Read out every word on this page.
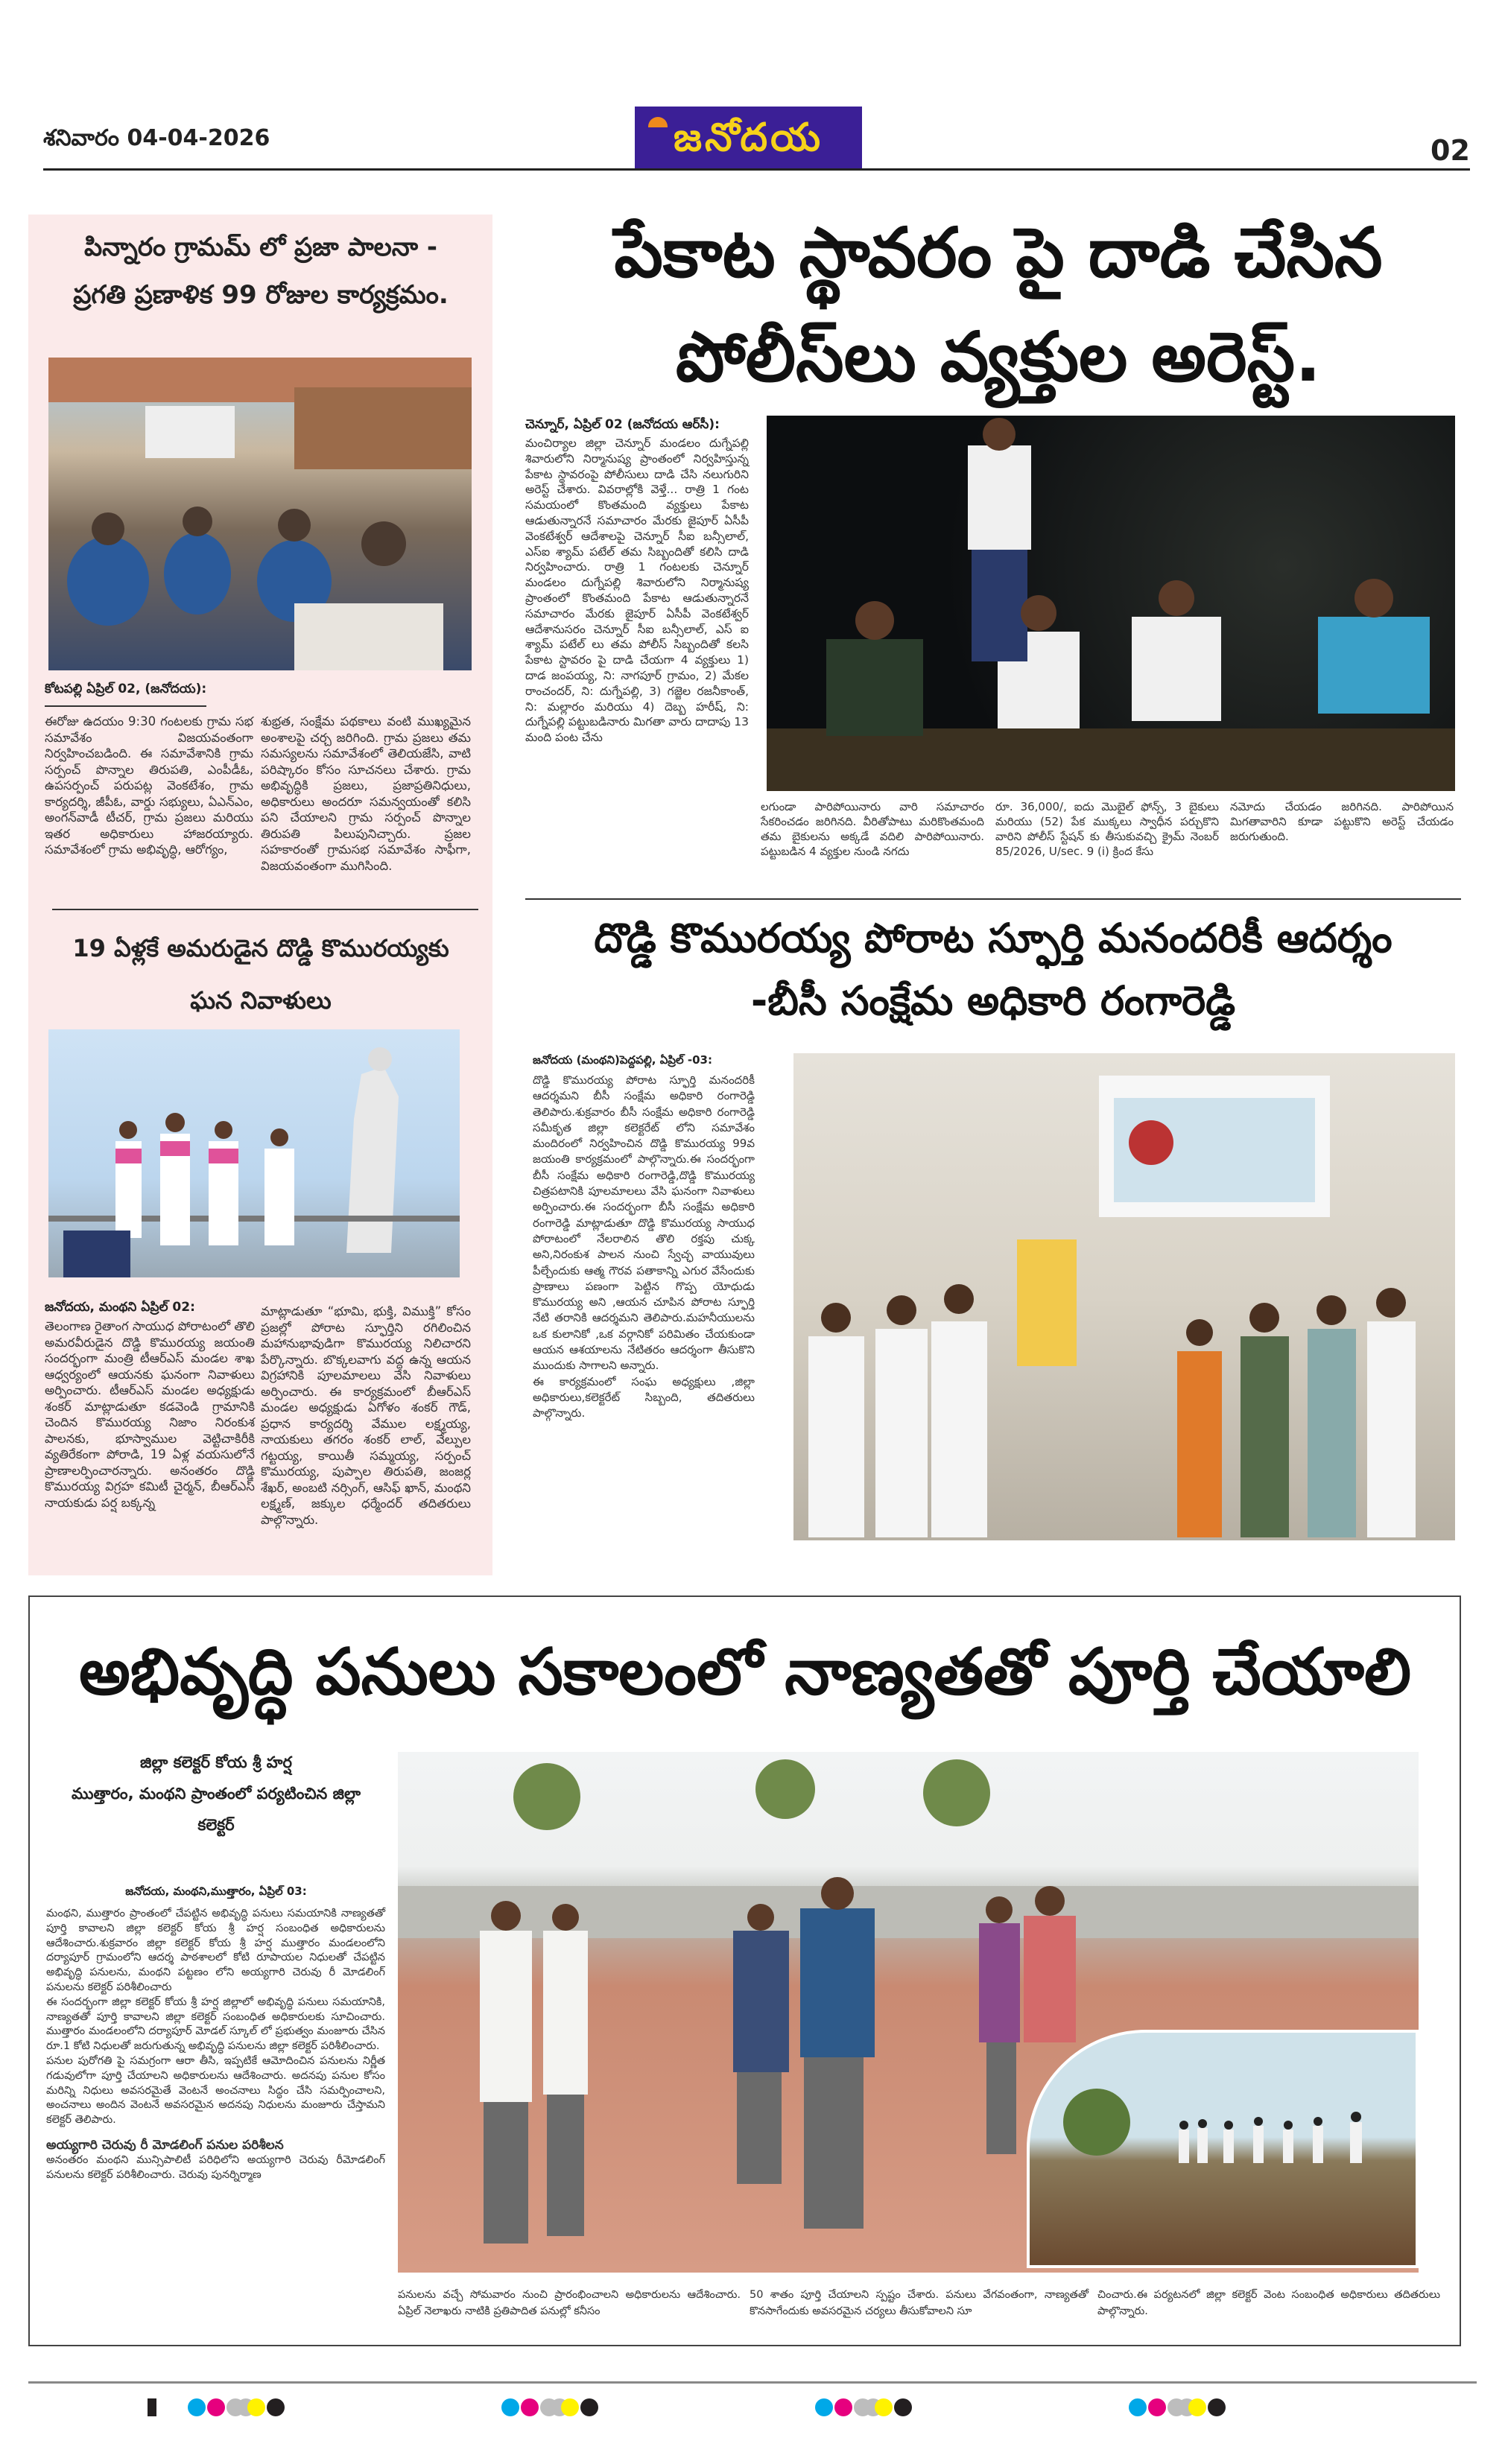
శనివారం 04-04-2026	జనోదయ	02
పిన్నారం గ్రామమ్ లో ప్రజా పాలనా -
ప్రగతి ప్రణాళిక 99 రోజుల కార్యక్రమం.
కోటపల్లి ఏప్రిల్ 02, (జనోదయ):
ఈరోజు ఉదయం 9:30 గంటలకు గ్రామ సభ సమావేశం విజయవంతంగా నిర్వహించబడింది. ఈ సమావేశానికి గ్రామ సర్పంచ్ పొన్నాల తిరుపతి, ఎంపీడీఓ, ఉపసర్పంచ్ పరుపట్ల వెంకటేశం, గ్రామ కార్యదర్శి, జీపీఓ, వార్డు సభ్యులు, ఏఎన్ఎం, అంగన్‌వాడీ టీచర్, గ్రామ ప్రజలు మరియు ఇతర అధికారులు హాజరయ్యారు. సమావేశంలో గ్రామ అభివృద్ధి, ఆరోగ్యం,
శుభ్రత, సంక్షేమ పథకాలు వంటి ముఖ్యమైన అంశాలపై చర్చ జరిగింది. గ్రామ ప్రజలు తమ సమస్యలను సమావేశంలో తెలియజేసి, వాటి పరిష్కారం కోసం సూచనలు చేశారు. గ్రామ అభివృద్ధికి ప్రజలు, ప్రజాప్రతినిధులు, అధికారులు అందరూ సమన్వయంతో కలిసి పని చేయాలని గ్రామ సర్పంచ్ పొన్నాల తిరుపతి పిలుపునిచ్చారు. ప్రజల సహకారంతో గ్రామసభ సమావేశం సాఫీగా, విజయవంతంగా ముగిసింది.
19 ఏళ్లకే అమరుడైన దొడ్డి కొమురయ్యకు
ఘన నివాళులు
జనోదయ, మంథని ఏప్రిల్ 02:
తెలంగాణ రైతాంగ సాయుధ పోరాటంలో తొలి అమరవీరుడైన దొడ్డి కొమురయ్య జయంతి సందర్భంగా మంత్రి టీఆర్ఎస్ మండల శాఖ ఆధ్వర్యంలో ఆయనకు ఘనంగా నివాళులు అర్పించారు. టీఆర్ఎస్ మండల అధ్యక్షుడు శంకర్ మాట్లాడుతూ కడవెండి గ్రామానికి చెందిన కొమురయ్య నిజాం నిరంకుశ పాలనకు, భూస్వాముల వెట్టిచాకిరీకి వ్యతిరేకంగా పోరాడి, 19 ఏళ్ల వయసులోనే ప్రాణాలర్పించారన్నారు. అనంతరం దొడ్డి కొమురయ్య విగ్రహ కమిటీ చైర్మన్, బీఆర్ఎస్ నాయకుడు పర్ష బక్కన్న
మాట్లాడుతూ “భూమి, భుక్తి, విముక్తి” కోసం ప్రజల్లో పోరాట స్ఫూర్తిని రగిలించిన మహానుభావుడిగా కొమురయ్య నిలిచారని పేర్కొన్నారు. బొక్కలవాగు వద్ద ఉన్న ఆయన విగ్రహానికి పూలమాలలు వేసి నివాళులు అర్పించారు. ఈ కార్యక్రమంలో బీఆర్ఎస్ మండల అధ్యక్షుడు ఏగోళం శంకర్ గౌడ్, ప్రధాన కార్యదర్శి వేముల లక్ష్మయ్య, నాయకులు తగరం శంకర్ లాల్, వేల్పుల గట్టయ్య, కాయితీ సమ్మయ్య, సర్పంచ్ కొమురయ్య, పుప్పాల తిరుపతి, జంజర్ల శేఖర్, అంబటి నర్సింగ్, ఆసిఫ్ ఖాన్, మంథని లక్ష్మణ్, జక్కుల ధర్మేందర్ తదితరులు పాల్గొన్నారు.
పేకాట స్థావరం పై దాడి చేసిన
పోలీస్‌లు వ్యక్తుల అరెస్ట్.
చెన్నూర్, ఏప్రిల్ 02 (జనోదయ ఆర్‌సీ):
మంచిర్యాల జిల్లా చెన్నూర్ మండలం దుగ్నేపల్లి శివారులోని నిర్మానుష్య ప్రాంతంలో నిర్వహిస్తున్న పేకాట స్థావరంపై పోలీసులు దాడి చేసి నలుగురిని అరెస్ట్ చేశారు. వివరాల్లోకి వెళ్తే... రాత్రి 1 గంట సమయంలో కొంతమంది వ్యక్తులు పేకాట ఆడుతున్నారనే సమాచారం మేరకు జైపూర్ ఏసీపీ వెంకటేశ్వర్ ఆదేశాలపై చెన్నూర్ సీఐ బన్సీలాల్, ఎస్ఐ శ్యామ్ పటేల్ తమ సిబ్బందితో కలిసి దాడి నిర్వహించారు. రాత్రి 1 గంటలకు చెన్నూర్ మండలం దుగ్నేపల్లి శివారులోని నిర్మానుష్య ప్రాంతంలో కొంతమంది పేకాట ఆడుతున్నారనే సమాచారం మేరకు జైపూర్ ఏసీపీ వెంకటేశ్వర్ ఆదేశానుసరం చెన్నూర్ సీఐ బన్సీలాల్, ఎస్ ఐ శ్యామ్ పటేల్ లు తమ పోలీస్ సిబ్బందితో కలసి పేకాట స్టావరం పై దాడి చేయగా 4 వ్యక్తులు 1) దాడ జంపయ్య, ని: నాగపూర్ గ్రామం, 2) మేకల రాంచందర్, ని: దుగ్నేపల్లి, 3) గజ్జెల రజనీకాంత్, ని: మల్లారం మరియు 4) దెబ్బ హరీష్, ని: దుగ్నేపల్లి పట్టుబడినారు మిగతా వారు దాదాపు 13 మంది పంట చేను
లగుండా పారిపోయినారు వారి సమాచారం సేకరించడం జరిగినది. వీరితోపాటు మరికొంతమంది తమ బైకులను అక్కడే వదిలి పారిపోయినారు. పట్టుబడిన 4 వ్యక్తుల నుండి నగదు
రూ. 36,000/, ఐదు మొబైల్ ఫోన్స్, 3 బైకులు మరియు (52) పేక ముక్కలు స్వాధీన పర్చుకొని వారిని పోలీస్ స్టేషన్ కు తీసుకువచ్చి క్రైమ్ నెంబర్ 85/2026, U/sec. 9 (i) క్రింద కేసు
నమోదు చేయడం జరిగినది. పారిపోయిన మిగతావారిని కూడా పట్టుకొని అరెస్ట్ చేయడం జరుగుతుంది.
దొడ్డి కొమురయ్య పోరాట స్ఫూర్తి మనందరికీ ఆదర్శం
-బీసీ సంక్షేమ అధికారి రంగారెడ్డి
జనోదయ (మంథని)పెద్దపల్లి, ఏప్రిల్ -03:

దొడ్డి కొమురయ్య పోరాట స్ఫూర్తి మనందరికీ ఆదర్శమని బీసీ సంక్షేమ అధికారి రంగారెడ్డి తెలిపారు.శుక్రవారం బీసీ సంక్షేమ అధికారి రంగారెడ్డి సమీకృత జిల్లా కలెక్టరేట్ లోని సమావేశం మందిరంలో నిర్వహించిన దొడ్డి కొమురయ్య 99వ జయంతి కార్యక్రమంలో పాల్గొన్నారు.ఈ సందర్భంగా బీసీ సంక్షేమ అధికారి రంగారెడ్డి,దొడ్డి కొమురయ్య చిత్రపటానికి పూలమాలలు వేసి ఘనంగా నివాళులు అర్పించారు.ఈ సందర్భంగా బీసీ సంక్షేమ అధికారి రంగారెడ్డి మాట్లాడుతూ దొడ్డి కొమురయ్య సాయుధ పోరాటంలో నేలరాలిన తొలి రక్తపు చుక్క అని,నిరంకుశ పాలన నుంచి స్వేచ్ఛ వాయువులు పీల్చేందుకు ఆత్మ గౌరవ పతాకాన్ని ఎగుర వేసేందుకు ప్రాణాలు పణంగా పెట్టిన గొప్ప యోధుడు కొమురయ్య అని ,ఆయన చూపిన పోరాట స్ఫూర్తి నేటి తరానికి ఆదర్శమని తెలిపారు.మహనీయులను ఒక కులానికో ,ఒక వర్గానికో పరిమితం చేయకుండా ఆయన ఆశయాలను నేటితరం ఆదర్శంగా తీసుకొని ముందుకు సాగాలని అన్నారు.

ఈ కార్యక్రమంలో సంఘ అధ్యక్షులు ,జిల్లా అధికారులు,కలెక్టరేట్ సిబ్బంది, తదితరులు పాల్గొన్నారు.

అభివృద్ధి పనులు సకాలంలో నాణ్యతతో పూర్తి చేయాలి
జిల్లా కలెక్టర్ కోయ శ్రీ హర్ష
ముత్తారం, మంథని ప్రాంతంలో పర్యటించిన జిల్లా
కలెక్టర్
జనోదయ, మంథని,ముత్తారం, ఏప్రిల్ 03:

మంథని, ముత్తారం ప్రాంతంలో చేపట్టిన అభివృద్ధి పనులు సమయానికి నాణ్యతతో పూర్తి కావాలని జిల్లా కలెక్టర్ కోయ శ్రీ హర్ష సంబంధిత అధికారులను ఆదేశించారు.శుక్రవారం జిల్లా కలెక్టర్ కోయ శ్రీ హర్ష ముత్తారం మండలంలోని దర్యాపూర్ గ్రామంలోని ఆదర్శ పాఠశాలలో కోటి రూపాయల నిధులతో చేపట్టిన అభివృద్ధి పనులను, మంథని పట్టణం లోని అయ్యగారి చెరువు రీ మోడలింగ్ పనులను కలెక్టర్ పరిశీలించారు

ఈ సందర్భంగా జిల్లా కలెక్టర్ కోయ శ్రీ హర్ష జిల్లాలో అభివృద్ధి పనులు సమయానికి, నాణ్యతతో పూర్తి కావాలని జిల్లా కలెక్టర్ సంబంధిత అధికారులకు సూచించారు. ముత్తారం మండలంలోని దర్యాపూర్ మోడల్ స్కూల్ లో ప్రభుత్వం మంజూరు చేసిన రూ.1 కోటి నిధులతో జరుగుతున్న అభివృద్ధి పనులను జిల్లా కలెక్టర్ పరిశీలించారు.

పనుల పురోగతి పై సమగ్రంగా ఆరా తీసి, ఇప్పటికే ఆమోదించిన పనులను నిర్ణీత గడువులోగా పూర్తి చేయాలని అధికారులను ఆదేశించారు. అదనపు పనుల కోసం మరిన్ని నిధులు అవసరమైతే వెంటనే అంచనాలు సిద్ధం చేసి సమర్పించాలని, అంచనాలు అందిన వెంటనే అవసరమైన అదనపు నిధులను మంజూరు చేస్తామని కలెక్టర్ తెలిపారు.

అయ్యగారి చెరువు రీ మోడలింగ్ పనుల పరిశీలన

అనంతరం మంథని మున్సిపాలిటీ పరిధిలోని అయ్యగారి చెరువు రీమోడలింగ్ పనులను కలెక్టర్ పరిశీలించారు. చెరువు పునర్నిర్మాణ

పనులను వచ్చే సోమవారం నుంచి ప్రారంభించాలని అధికారులను ఆదేశించారు. ఏప్రిల్ నెలాఖరు నాటికి ప్రతిపాదిత పనుల్లో కనీసం
50 శాతం పూర్తి చేయాలని స్పష్టం చేశారు. పనులు వేగవంతంగా, నాణ్యతతో కొనసాగేందుకు అవసరమైన చర్యలు తీసుకోవాలని సూ
చించారు.ఈ పర్యటనలో జిల్లా కలెక్టర్ వెంట సంబంధిత అధికారులు తదితరులు పాల్గొన్నారు.
